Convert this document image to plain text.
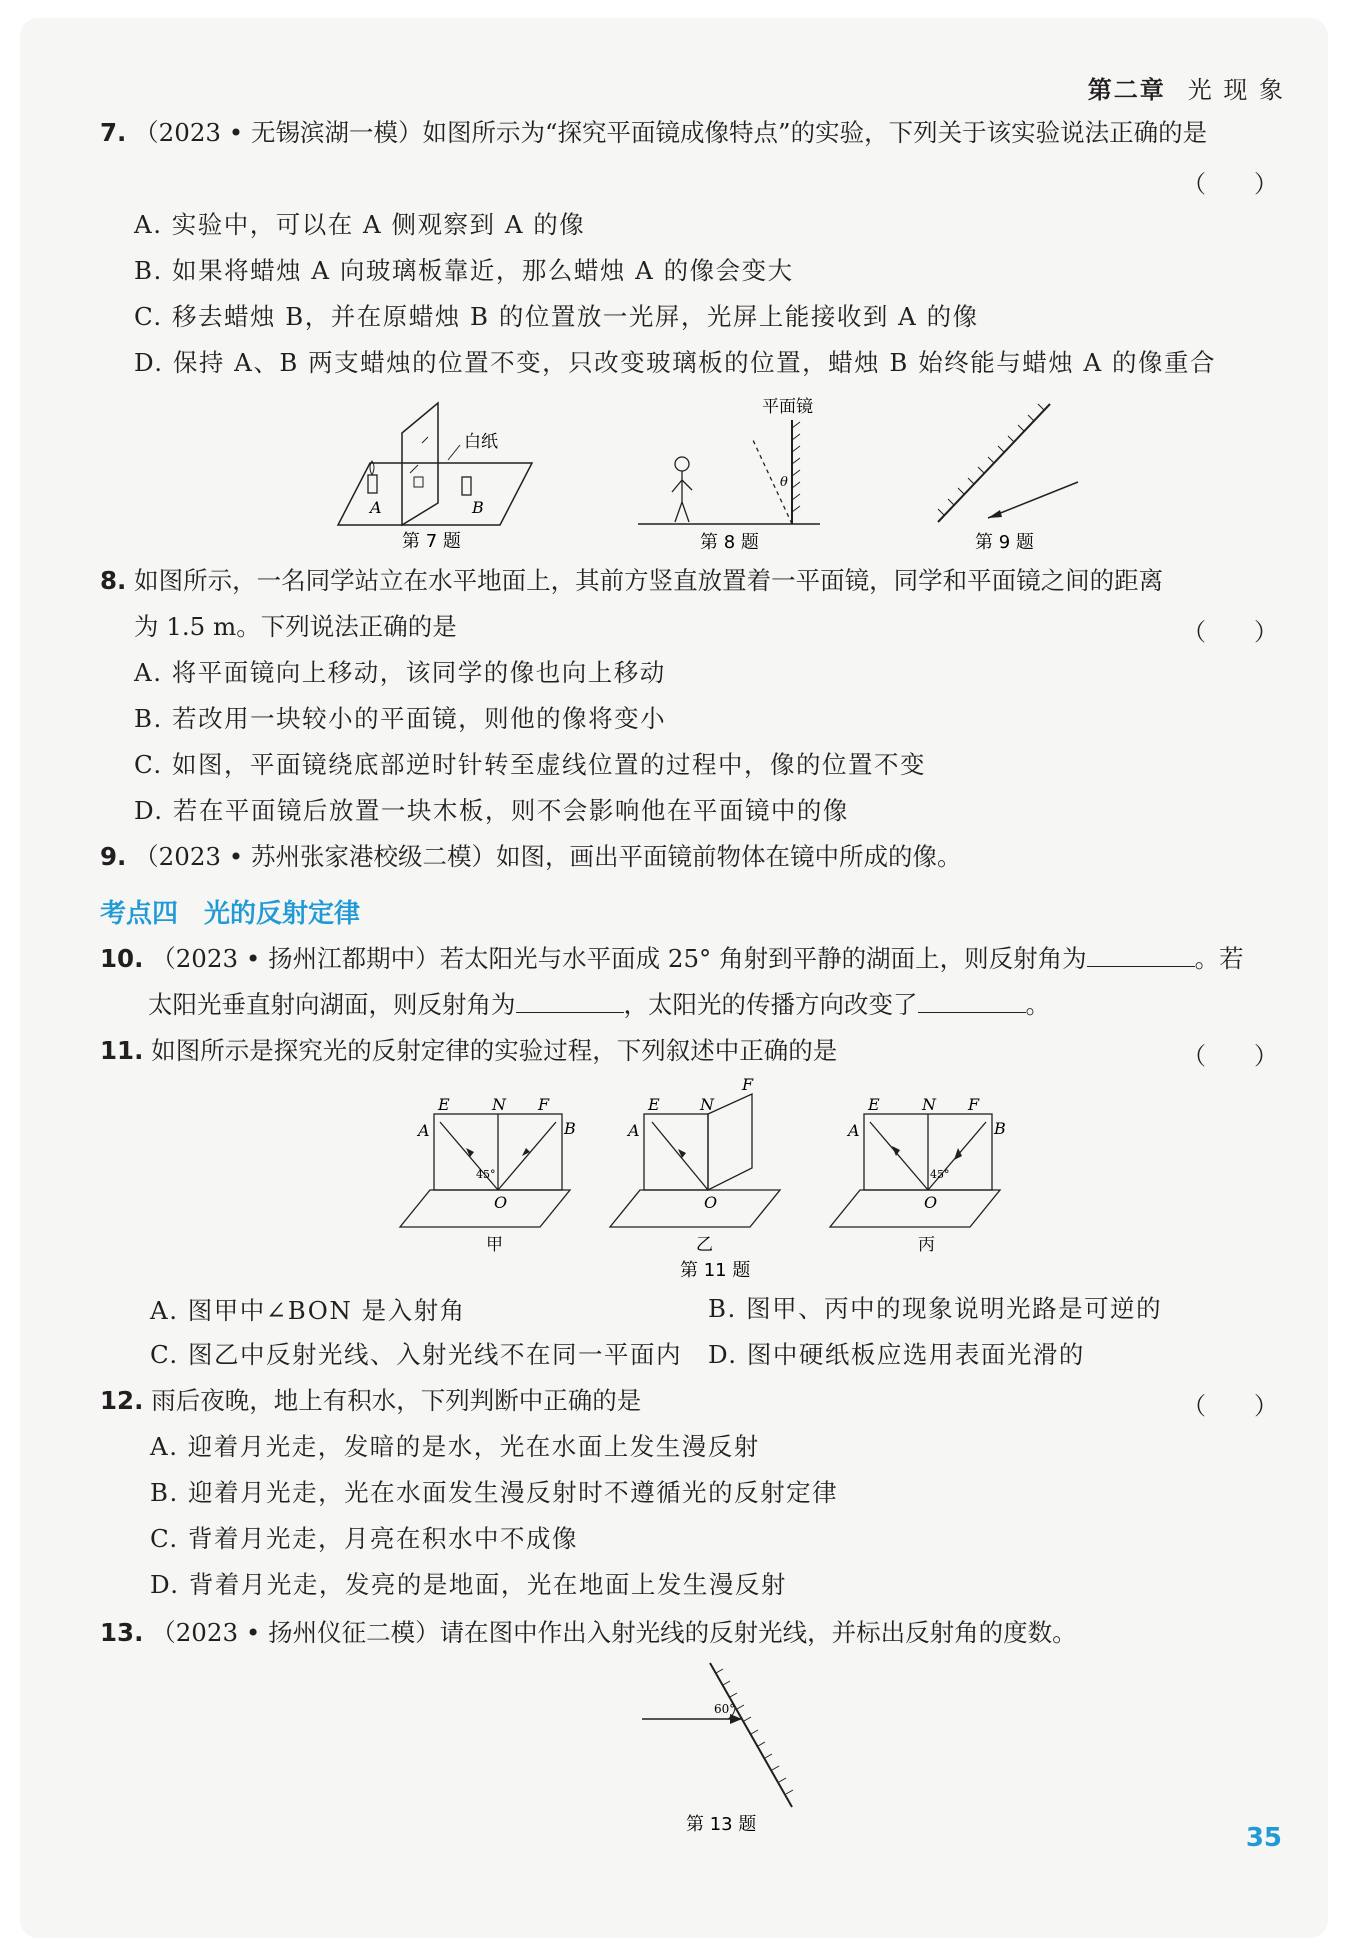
第二章 光 现 象
7. （2023 • 无锡滨湖一模）如图所示为“探究平面镜成像特点”的实验，下列关于该实验说法正确的是
（　　）
A. 实验中，可以在 A 侧观察到 A 的像
B. 如果将蜡烛 A 向玻璃板靠近，那么蜡烛 A 的像会变大
C. 移去蜡烛 B，并在原蜡烛 B 的位置放一光屏，光屏上能接收到 A 的像
D. 保持 A、B 两支蜡烛的位置不变，只改变玻璃板的位置，蜡烛 B 始终能与蜡烛 A 的像重合
白纸
A	B
第 7 题
平面镜
θ
第 8 题	第 9 题
8. 如图所示，一名同学站立在水平地面上，其前方竖直放置着一平面镜，同学和平面镜之间的距离
为 1.5 m。下列说法正确的是	（　　）
A. 将平面镜向上移动，该同学的像也向上移动
B. 若改用一块较小的平面镜，则他的像将变小
C. 如图，平面镜绕底部逆时针转至虚线位置的过程中，像的位置不变
D. 若在平面镜后放置一块木板，则不会影响他在平面镜中的像
9. （2023 • 苏州张家港校级二模）如图，画出平面镜前物体在镜中所成的像。
考点四　光的反射定律
10. （2023 • 扬州江都期中）若太阳光与水平面成 25° 角射到平静的湖面上，则反射角为	。若
太阳光垂直射向湖面，则反射角为	，太阳光的传播方向改变了	。
11. 如图所示是探究光的反射定律的实验过程，下列叙述中正确的是	（　　）
E	N F
A	B
45°
O
甲
E	N
F
A
O
乙
第 11 题
E	N F
A	B
45°
O
丙
A. 图甲中∠BON 是入射角	B. 图甲、丙中的现象说明光路是可逆的
C. 图乙中反射光线、入射光线不在同一平面内 D. 图中硬纸板应选用表面光滑的
12. 雨后夜晚，地上有积水，下列判断中正确的是	（　　）
A. 迎着月光走，发暗的是水，光在水面上发生漫反射
B. 迎着月光走，光在水面发生漫反射时不遵循光的反射定律
C. 背着月光走，月亮在积水中不成像
D. 背着月光走，发亮的是地面，光在地面上发生漫反射
13. （2023 • 扬州仪征二模）请在图中作出入射光线的反射光线，并标出反射角的度数。
60°
第 13 题	35
